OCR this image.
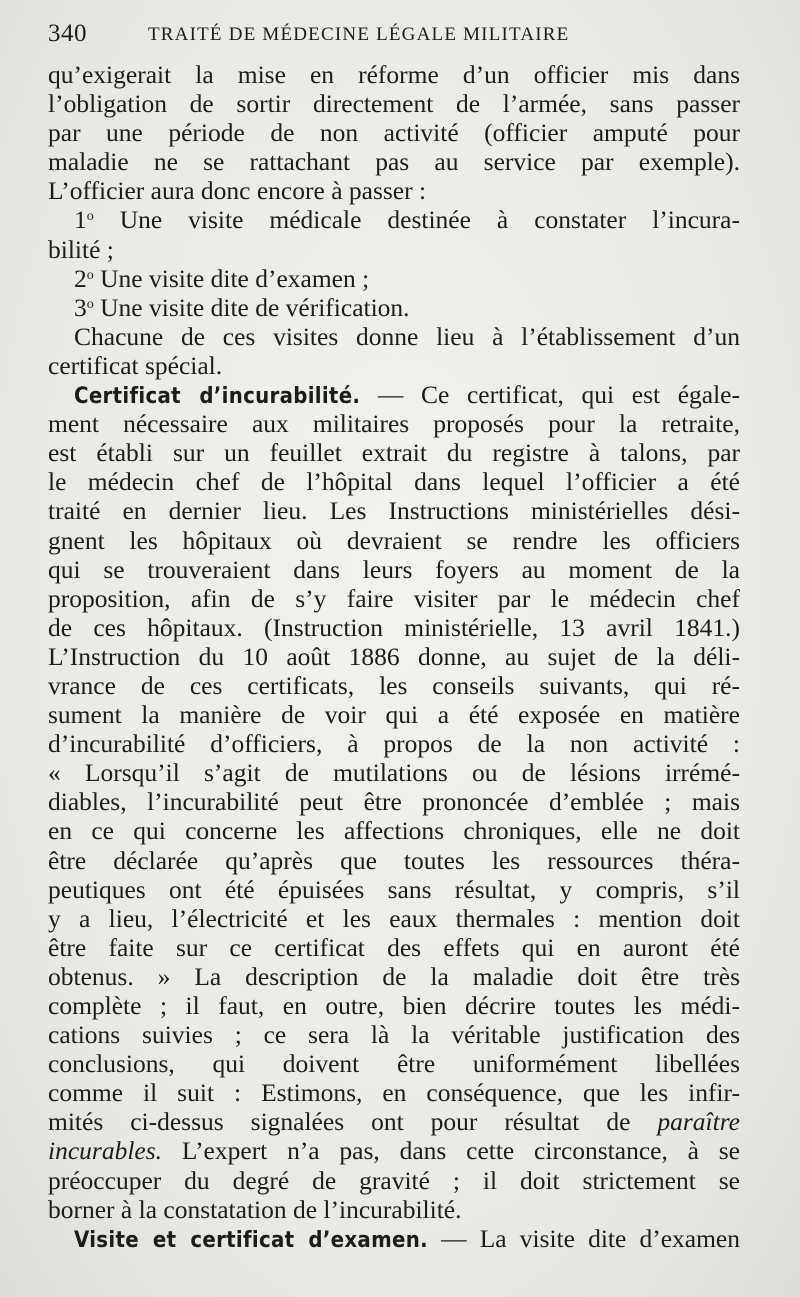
340	TRAITÉ DE MÉDECINE LÉGALE MILITAIRE
qu’exigerait la mise en réforme d’un officier mis dans
l’obligation de sortir directement de l’armée, sans passer
par une période de non activité (officier amputé pour
maladie ne se rattachant pas au service par exemple).
L’officier aura donc encore à passer :
1$^o$ Une visite médicale destinée à constater l’incura-
bilité ;
2$^o$ Une visite dite d’examen ;
3$^o$ Une visite dite de vérification.
Chacune de ces visites donne lieu à l’établissement d’un
certificat spécial.
Certificat d’incurabilité. — Ce certificat, qui est égale-
ment nécessaire aux militaires proposés pour la retraite,
est établi sur un feuillet extrait du registre à talons, par
le médecin chef de l’hôpital dans lequel l’officier a été
traité en dernier lieu. Les Instructions ministérielles dési-
gnent les hôpitaux où devraient se rendre les officiers
qui se trouveraient dans leurs foyers au moment de la
proposition, afin de s’y faire visiter par le médecin chef
de ces hôpitaux. (Instruction ministérielle, 13 avril 1841.)
L’Instruction du 10 août 1886 donne, au sujet de la déli-
vrance de ces certificats, les conseils suivants, qui ré-
sument la manière de voir qui a été exposée en matière
d’incurabilité d’officiers, à propos de la non activité :
« Lorsqu’il s’agit de mutilations ou de lésions irrémé-
diables, l’incurabilité peut être prononcée d’emblée ; mais
en ce qui concerne les affections chroniques, elle ne doit
être déclarée qu’après que toutes les ressources théra-
peutiques ont été épuisées sans résultat, y compris, s’il
y a lieu, l’électricité et les eaux thermales : mention doit
être faite sur ce certificat des effets qui en auront été
obtenus. » La description de la maladie doit être très
complète ; il faut, en outre, bien décrire toutes les médi-
cations suivies ; ce sera là la véritable justification des
conclusions, qui doivent être uniformément libellées
comme il suit : Estimons, en conséquence, que les infir-
mités ci-dessus signalées ont pour résultat de paraître
incurables. L’expert n’a pas, dans cette circonstance, à se
préoccuper du degré de gravité ; il doit strictement se
borner à la constatation de l’incurabilité.
Visite et certificat d’examen. — La visite dite d’examen
